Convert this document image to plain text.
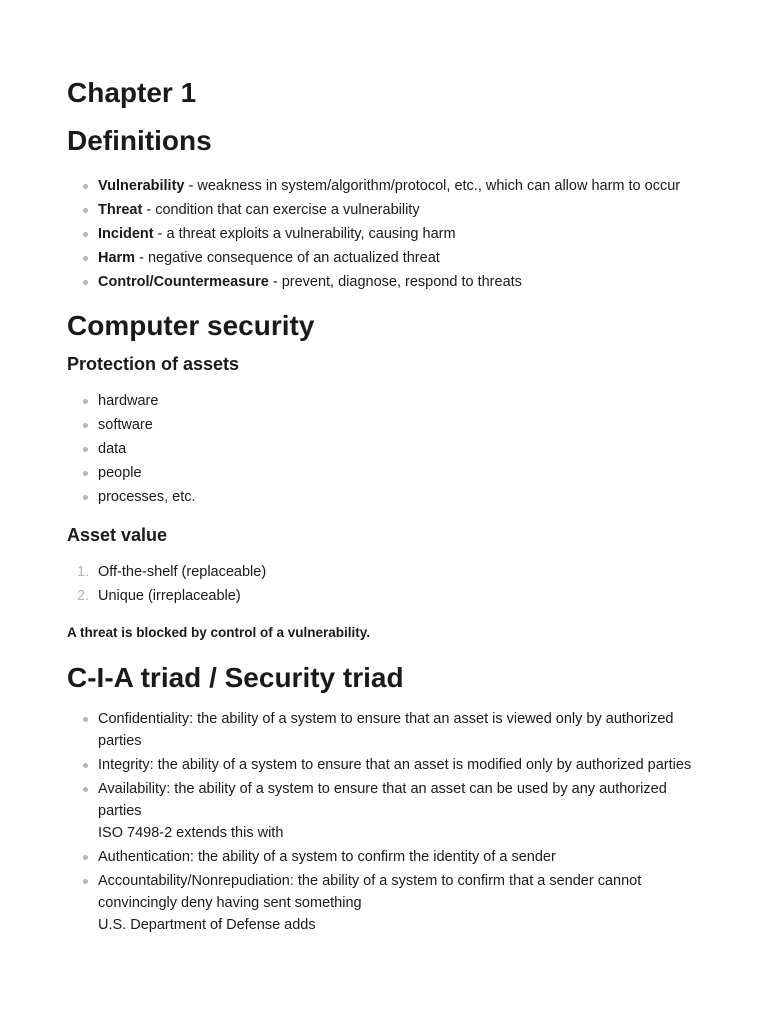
Chapter 1
Definitions
Vulnerability - weakness in system/algorithm/protocol, etc., which can allow harm to occur
Threat - condition that can exercise a vulnerability
Incident - a threat exploits a vulnerability, causing harm
Harm - negative consequence of an actualized threat
Control/Countermeasure - prevent, diagnose, respond to threats
Computer security
Protection of assets
hardware
software
data
people
processes, etc.
Asset value
1. Off-the-shelf (replaceable)
2. Unique (irreplaceable)
A threat is blocked by control of a vulnerability.
C-I-A triad / Security triad
Confidentiality: the ability of a system to ensure that an asset is viewed only by authorized parties
Integrity: the ability of a system to ensure that an asset is modified only by authorized parties
Availability: the ability of a system to ensure that an asset can be used by any authorized parties
ISO 7498-2 extends this with
Authentication: the ability of a system to confirm the identity of a sender
Accountability/Nonrepudiation: the ability of a system to confirm that a sender cannot convincingly deny having sent something
U.S. Department of Defense adds
